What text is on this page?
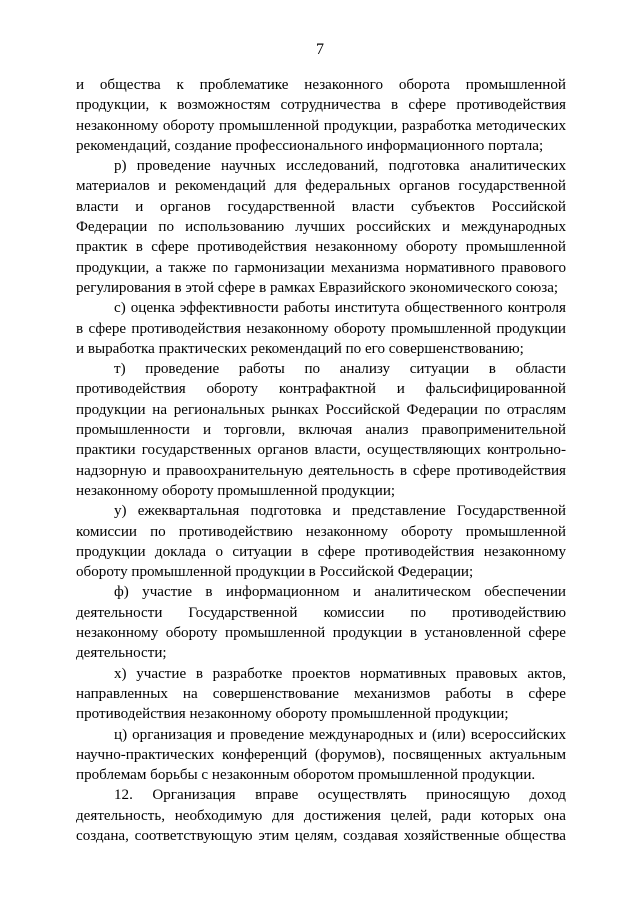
7

и общества к проблематике незаконного оборота промышленной

продукции, к возможностям сотрудничества в сфере противодействия

незаконному обороту промышленной продукции, разработка методических

рекомендаций, создание профессионального информационного портала;

р) проведение научных исследований, подготовка аналитических

материалов и рекомендаций для федеральных органов государственной

власти и органов государственной власти субъектов Российской

Федерации по использованию лучших российских и международных

практик в сфере противодействия незаконному обороту промышленной

продукции, а также по гармонизации механизма нормативного правового

регулирования в этой сфере в рамках Евразийского экономического союза;

с) оценка эффективности работы института общественного контроля

в сфере противодействия незаконному обороту промышленной продукции

и выработка практических рекомендаций по его совершенствованию;

т) проведение работы по анализу ситуации в области

противодействия обороту контрафактной и фальсифицированной

продукции на региональных рынках Российской Федерации по отраслям

промышленности и торговли, включая анализ правоприменительной

практики государственных органов власти, осуществляющих контрольно-

надзорную и правоохранительную деятельность в сфере противодействия

незаконному обороту промышленной продукции;

у) ежеквартальная подготовка и представление Государственной

комиссии по противодействию незаконному обороту промышленной

продукции доклада о ситуации в сфере противодействия незаконному

обороту промышленной продукции в Российской Федерации;

ф) участие в информационном и аналитическом обеспечении

деятельности Государственной комиссии по противодействию

незаконному обороту промышленной продукции в установленной сфере

деятельности;

х) участие в разработке проектов нормативных правовых актов,

направленных на совершенствование механизмов работы в сфере

противодействия незаконному обороту промышленной продукции;

ц) организация и проведение международных и (или) всероссийских

научно-практических конференций (форумов), посвященных актуальным

проблемам борьбы с незаконным оборотом промышленной продукции.

12. Организация вправе осуществлять приносящую доход

деятельность, необходимую для достижения целей, ради которых она

создана, соответствующую этим целям, создавая хозяйственные общества
